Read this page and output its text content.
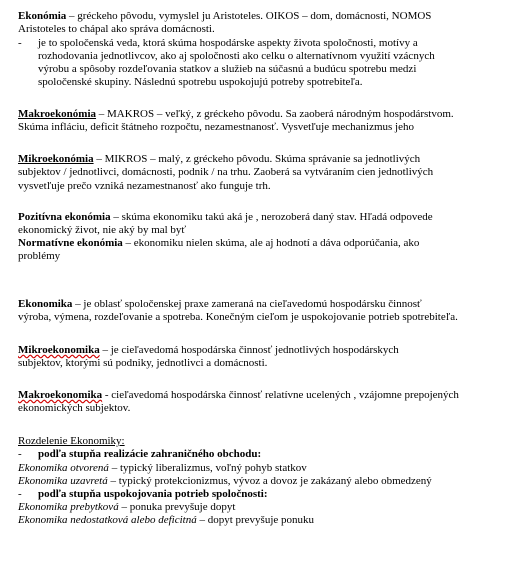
Ekonómia – gréckeho pôvodu, vymyslel ju Aristoteles. OIKOS – dom, domácnosti, NOMOS
Aristoteles to chápal ako správa domácnosti.
- je to spoločenská veda, ktorá skúma hospodárske aspekty života spoločnosti, motívy a
rozhodovania jednotlivcov, ako aj spoločnosti ako celku o alternatívnom využití vzácnych
výrobu a spôsoby rozdeľovania statkov a služieb na súčasnú a budúcu spotrebu medzi
spoločenské skupiny. Následnú spotrebu uspokojujú potreby spotrebiteľa.
Makroekonómia – MAKROS – veľký, z gréckeho pôvodu. Sa zaoberá národným hospodárstvom.
Skúma infláciu, deficit štátneho rozpočtu, nezamestnanosť. Vysvetľuje mechanizmus jeho
Mikroekonómia – MIKROS – malý, z gréckeho pôvodu. Skúma správanie sa jednotlivých
subjektov / jednotlivci, domácnosti, podnik / na trhu. Zaoberá sa vytváraním cien jednotlivých
vysvetľuje prečo vzniká nezamestnanosť ako funguje trh.
Pozitívna ekonómia – skúma ekonomiku takú aká je , nerozoberá daný stav. Hľadá odpovede
ekonomický život, nie aký by mal byť
Normatívne ekonómia – ekonomiku nielen skúma, ale aj hodnotí a dáva odporúčania, ako
problémy
Ekonomika – je oblasť spoločenskej praxe zameraná na cieľavedomú hospodársku činnosť
výroba, výmena, rozdeľovanie a spotreba. Konečným cieľom je uspokojovanie potrieb spotrebiteľa.
Mikroekonomika – je cieľavedomá hospodárska činnosť jednotlivých hospodárskych
subjektov, ktorými sú podniky, jednotlivci a domácnosti.
Makroekonomika - cieľavedomá hospodárska činnosť relatívne ucelených , vzájomne prepojených
ekonomických subjektov.
Rozdelenie Ekonomiky:
- podľa stupňa realizácie zahraničného obchodu:
Ekonomika otvorená – typický liberalizmus, voľný pohyb statkov
Ekonomika uzavretá – typický protekcionizmus, vývoz a dovoz je zakázaný alebo obmedzený
- podľa stupňa uspokojovania potrieb spoločnosti:
Ekonomika prebytková – ponuka prevyšuje dopyt
Ekonomika nedostatková alebo deficitná – dopyt prevyšuje ponuku
